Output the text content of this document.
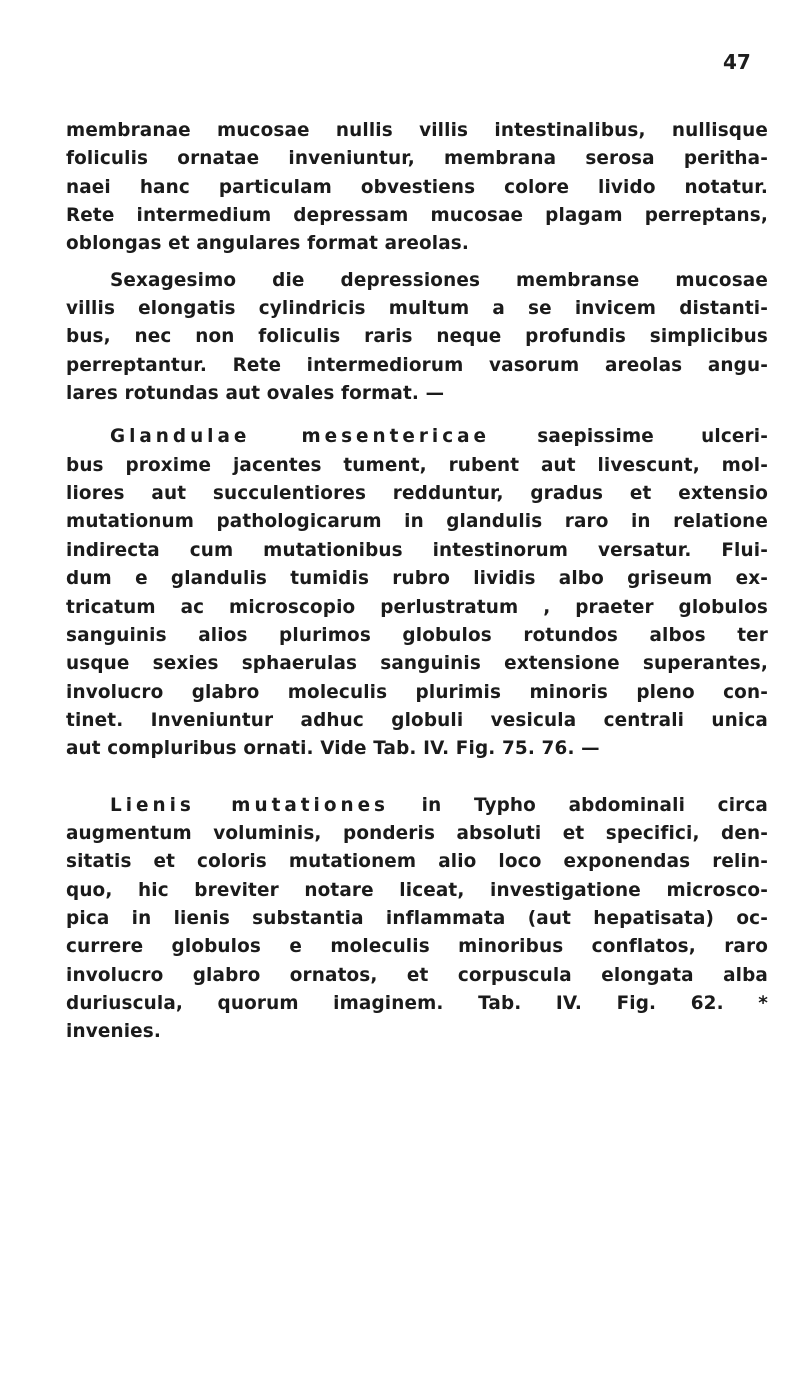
47
membranae mucosae nullis villis intestinalibus, nullisque
foliculis ornatae inveniuntur, membrana serosa peritha-
naei hanc particulam obvestiens colore livido notatur.
Rete intermedium depressam mucosae plagam perreptans,
oblongas et angulares format areolas.
Sexagesimo die depressiones membranse mucosae
villis elongatis cylindricis multum a se invicem distanti-
bus, nec non foliculis raris neque profundis simplicibus
perreptantur. Rete intermediorum vasorum areolas angu-
lares rotundas aut ovales format. —
Glandulae mesentericae	saepissime ulceri-
bus proxime jacentes tument, rubent aut livescunt, mol-
liores aut succulentiores redduntur, gradus et extensio
mutationum pathologicarum in glandulis raro in relatione
indirecta cum mutationibus intestinorum versatur. Flui-
dum e glandulis tumidis rubro lividis albo griseum ex-
tricatum ac microscopio perlustratum , praeter globulos
sanguinis alios plurimos globulos rotundos albos ter
usque sexies sphaerulas sanguinis extensione superantes,
involucro glabro moleculis plurimis minoris pleno con-
tinet. Inveniuntur adhuc globuli vesicula centrali unica
aut compluribus ornati. Vide Tab. IV. Fig. 75. 76. —
Lienis mutationes in Typho abdominali circa
augmentum voluminis, ponderis absoluti et specifici, den-
sitatis et coloris mutationem alio loco exponendas relin-
quo, hic breviter notare liceat, investigatione microsco-
pica in lienis substantia inflammata (aut hepatisata) oc-
currere globulos e moleculis minoribus conflatos, raro
involucro glabro ornatos, et corpuscula elongata alba
duriuscula, quorum imaginem. Tab. IV. Fig. 62. *
invenies.
